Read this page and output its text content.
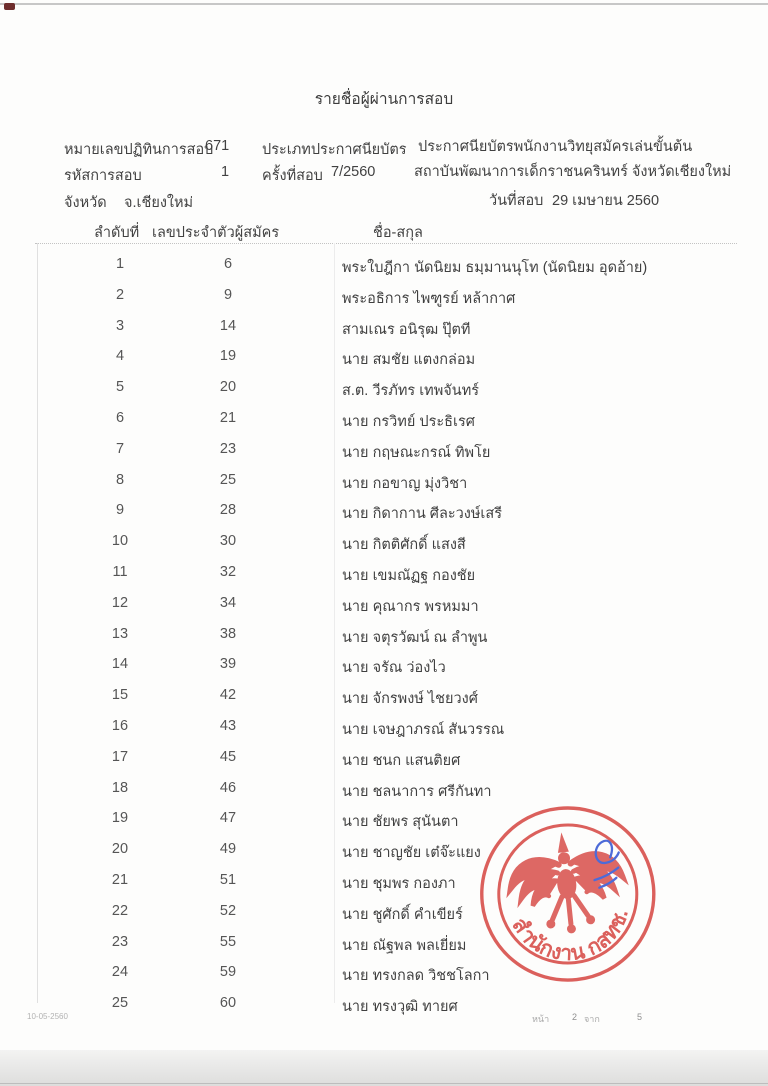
รายชื่อผู้ผ่านการสอบ
หมายเลขปฏิทินการสอบ
671 ประเภทประกาศนียบัตร ประกาศนียบัตรพนักงานวิทยุสมัครเล่นขั้นต้น
รหัสการสอบ	1 ครั้งที่สอบ 7/2560	สถาบันพัฒนาการเด็กราชนครินทร์ จังหวัดเชียงใหม่
จังหวัด จ.เชียงใหม่	วันที่สอบ 29 เมษายน 2560
ลำดับที่ เลขประจำตัวผู้สมัคร	ชื่อ-สกุล
1	6	พระใบฎีกา นัดนิยม ธมฺมานนุโท (นัดนิยม อุดอ้าย)
2	9	พระอธิการ ไพฑูรย์ หล้ากาศ
3	14	สามเณร อนิรุฒ ปุ๊ตที
4	19	นาย สมชัย แตงกล่อม
5	20	ส.ต. วีรภัทร เทพจันทร์
6	21	นาย กรวิทย์ ประธิเรศ
7	23	นาย กฤษณะกรณ์ ทิพโย
8	25	นาย กอขาญ มุ่งวิชา
9	28	นาย กิดากาน ศีละวงษ์เสรี
10	30	นาย กิตติศักดิ์ แสงสี
11	32	นาย เขมณัฏฐ กองชัย
12	34	นาย คุณากร พรหมมา
13	38	นาย จตุรวัฒน์ ณ ลำพูน
14	39	นาย จรัณ ว่องไว
15	42	นาย จักรพงษ์ ไชยวงศ์
16	43	นาย เจษฎาภรณ์ สันวรรณ
17	45	นาย ชนก แสนติยศ
18	46	นาย ชลนาการ ศรีกันทา
19	47	นาย ชัยพร สุนันตา
20	49	นาย ชาญชัย เต๋จ๊ะแยง
21	51	นาย ชุมพร กองภา
22	52	นาย ชูศักดิ์ คำเขียร์
23	55	นาย ณัฐพล พลเยี่ยม
24	59	นาย ทรงกลด วิชชโลกา
25	60	นาย ทรงวุฒิ ทายศ
สำนักงาน กสทช.
10-05-2560	หน้า	2 จาก	5
